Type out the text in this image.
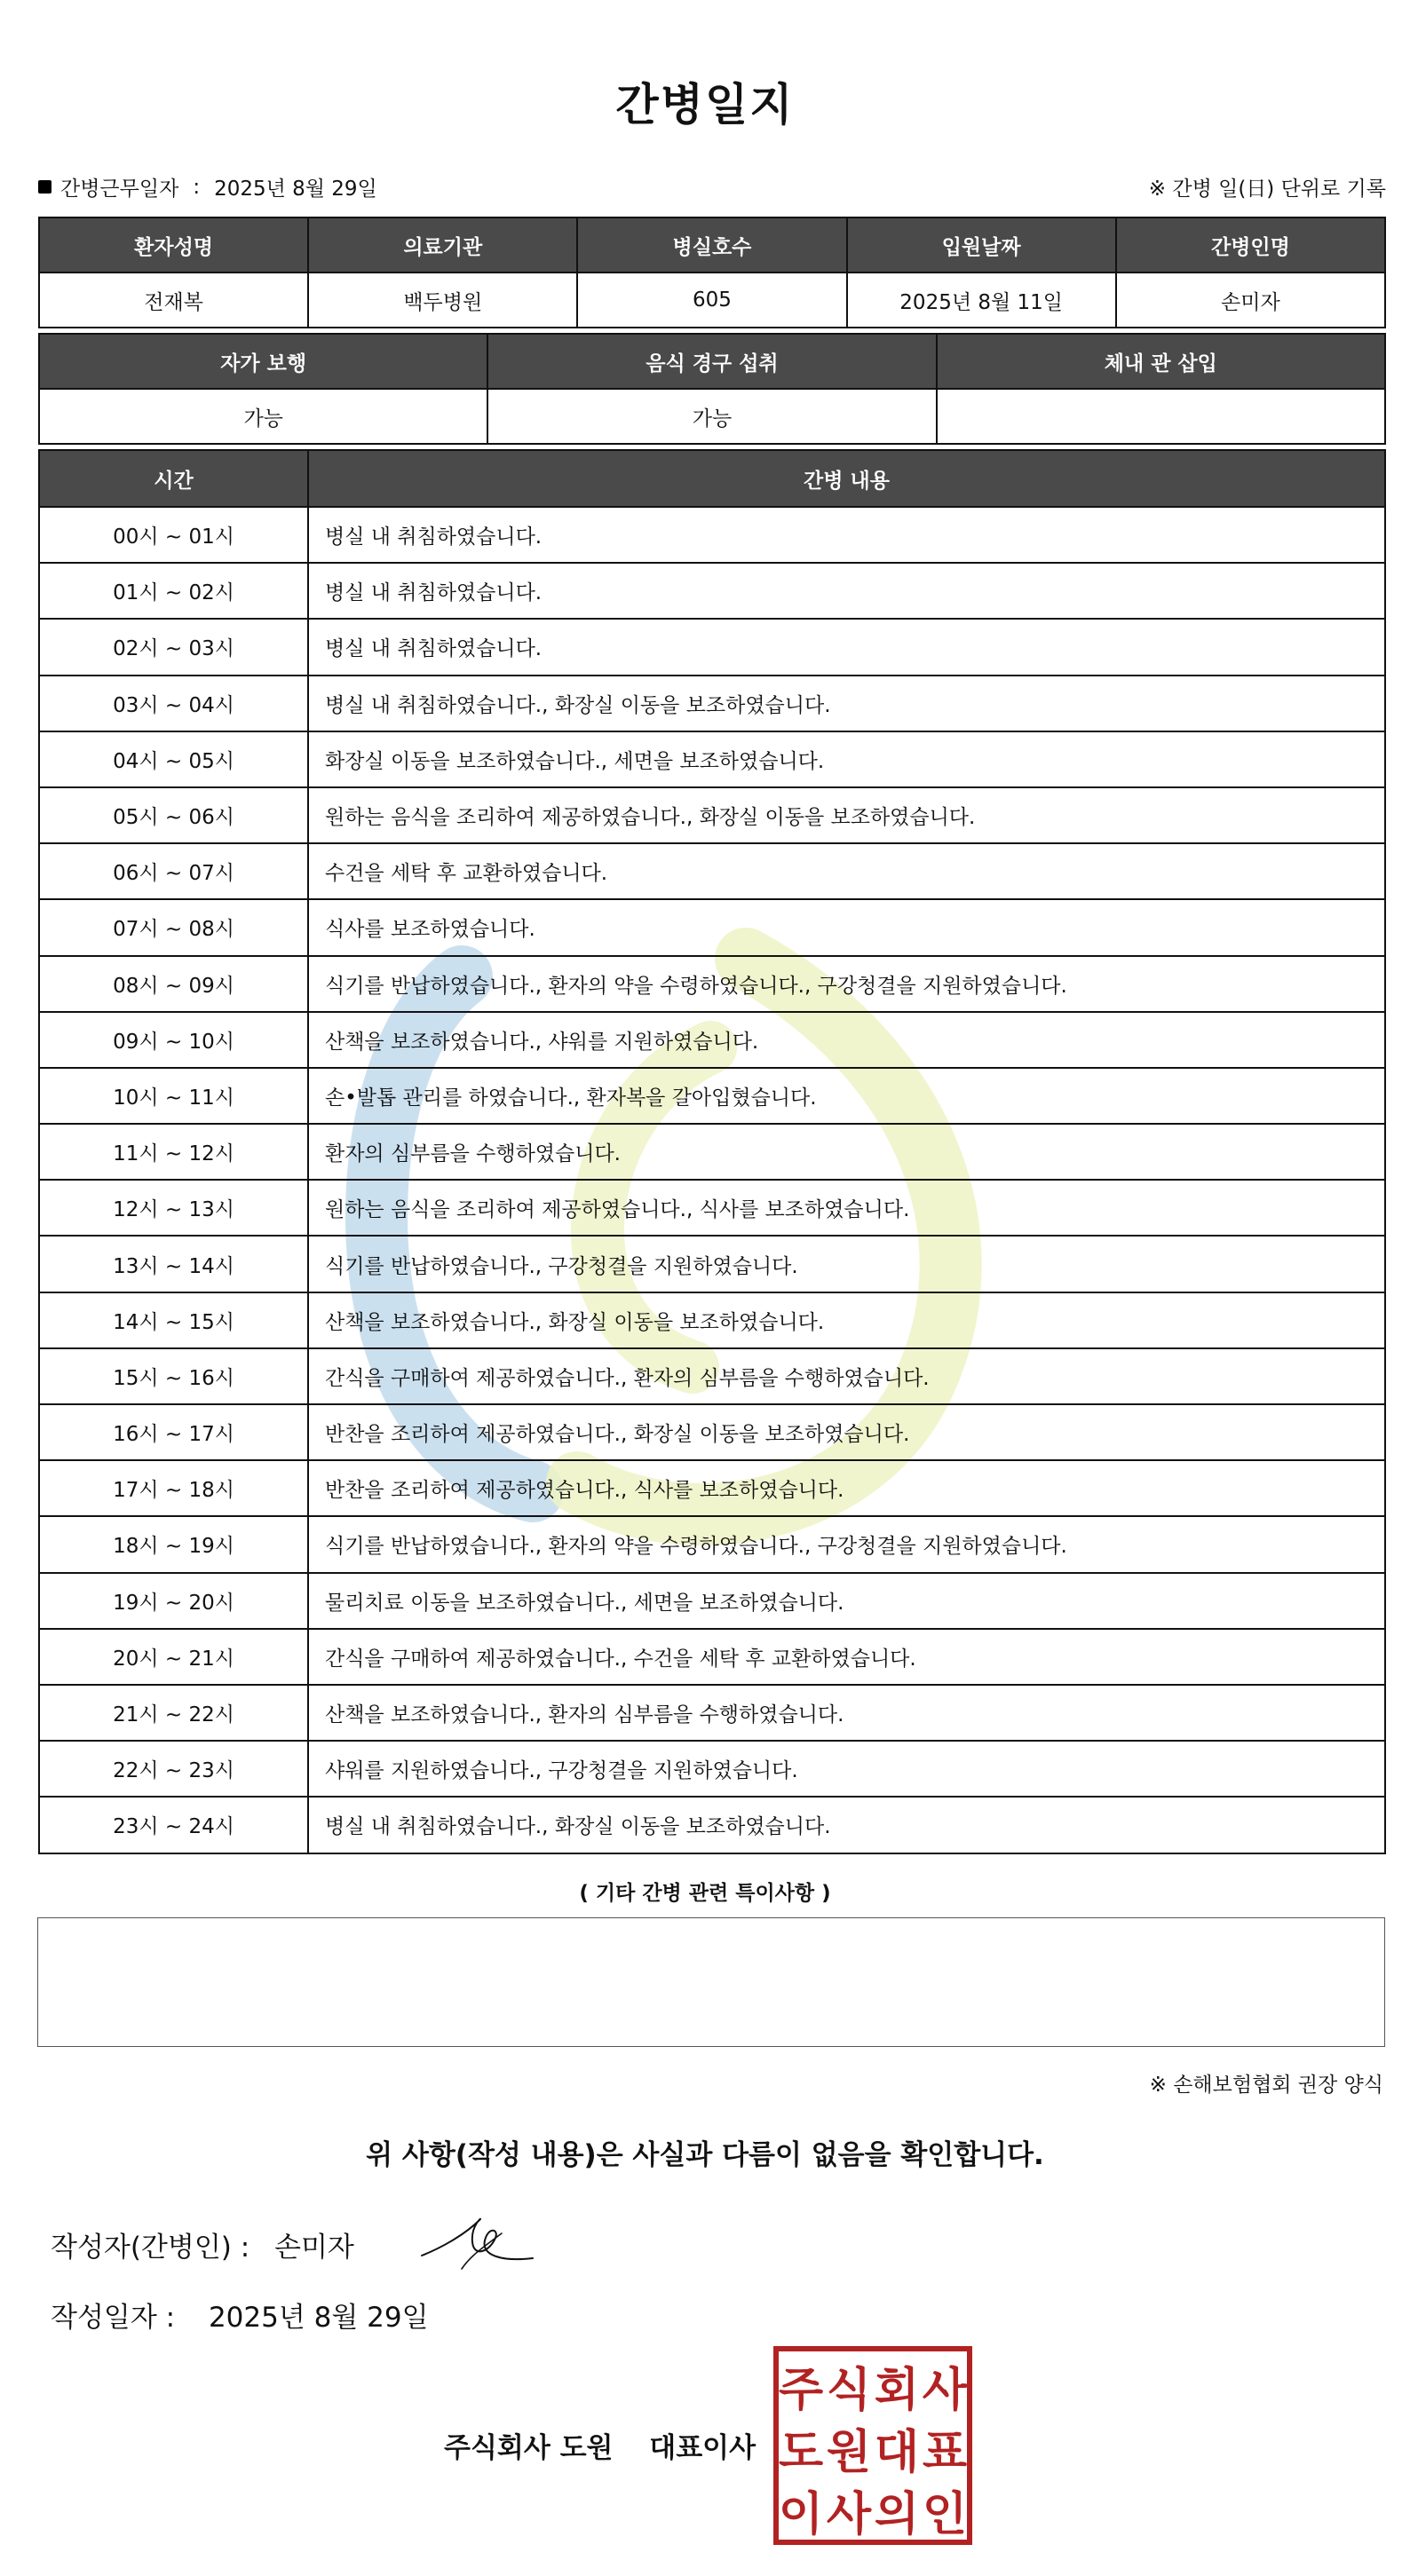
간병일지
간병근무일자 : 2025년 8월 29일	※ 간병 일(日) 단위로 기록
환자성명	의료기관	병실호수	입원날짜	간병인명
전재복	백두병원	605	2025년 8월 11일	손미자
자가 보행	음식 경구 섭취	체내 관 삽입
가능	가능	
시간	간병 내용
00시 ~ 01시	병실 내 취침하였습니다.
01시 ~ 02시	병실 내 취침하였습니다.
02시 ~ 03시	병실 내 취침하였습니다.
03시 ~ 04시	병실 내 취침하였습니다., 화장실 이동을 보조하였습니다.
04시 ~ 05시	화장실 이동을 보조하였습니다., 세면을 보조하였습니다.
05시 ~ 06시	원하는 음식을 조리하여 제공하였습니다., 화장실 이동을 보조하였습니다.
06시 ~ 07시	수건을 세탁 후 교환하였습니다.
07시 ~ 08시	식사를 보조하였습니다.
08시 ~ 09시	식기를 반납하였습니다., 환자의 약을 수령하였습니다., 구강청결을 지원하였습니다.
09시 ~ 10시	산책을 보조하였습니다., 샤워를 지원하였습니다.
10시 ~ 11시	손•발톱 관리를 하였습니다., 환자복을 갈아입혔습니다.
11시 ~ 12시	환자의 심부름을 수행하였습니다.
12시 ~ 13시	원하는 음식을 조리하여 제공하였습니다., 식사를 보조하였습니다.
13시 ~ 14시	식기를 반납하였습니다., 구강청결을 지원하였습니다.
14시 ~ 15시	산책을 보조하였습니다., 화장실 이동을 보조하였습니다.
15시 ~ 16시	간식을 구매하여 제공하였습니다., 환자의 심부름을 수행하였습니다.
16시 ~ 17시	반찬을 조리하여 제공하였습니다., 화장실 이동을 보조하였습니다.
17시 ~ 18시	반찬을 조리하여 제공하였습니다., 식사를 보조하였습니다.
18시 ~ 19시	식기를 반납하였습니다., 환자의 약을 수령하였습니다., 구강청결을 지원하였습니다.
19시 ~ 20시	물리치료 이동을 보조하였습니다., 세면을 보조하였습니다.
20시 ~ 21시	간식을 구매하여 제공하였습니다., 수건을 세탁 후 교환하였습니다.
21시 ~ 22시	산책을 보조하였습니다., 환자의 심부름을 수행하였습니다.
22시 ~ 23시	샤워를 지원하였습니다., 구강청결을 지원하였습니다.
23시 ~ 24시	병실 내 취침하였습니다., 화장실 이동을 보조하였습니다.
( 기타 간병 관련 특이사항 )
※ 손해보험협회 권장 양식
위 사항(작성 내용)은 사실과 다름이 없음을 확인합니다.
작성자(간병인) : 손미자
작성일자 : 2025년 8월 29일
주식회사 도원 대표이사
주 식 회 사
도 원 대 표
이 사 의 인
